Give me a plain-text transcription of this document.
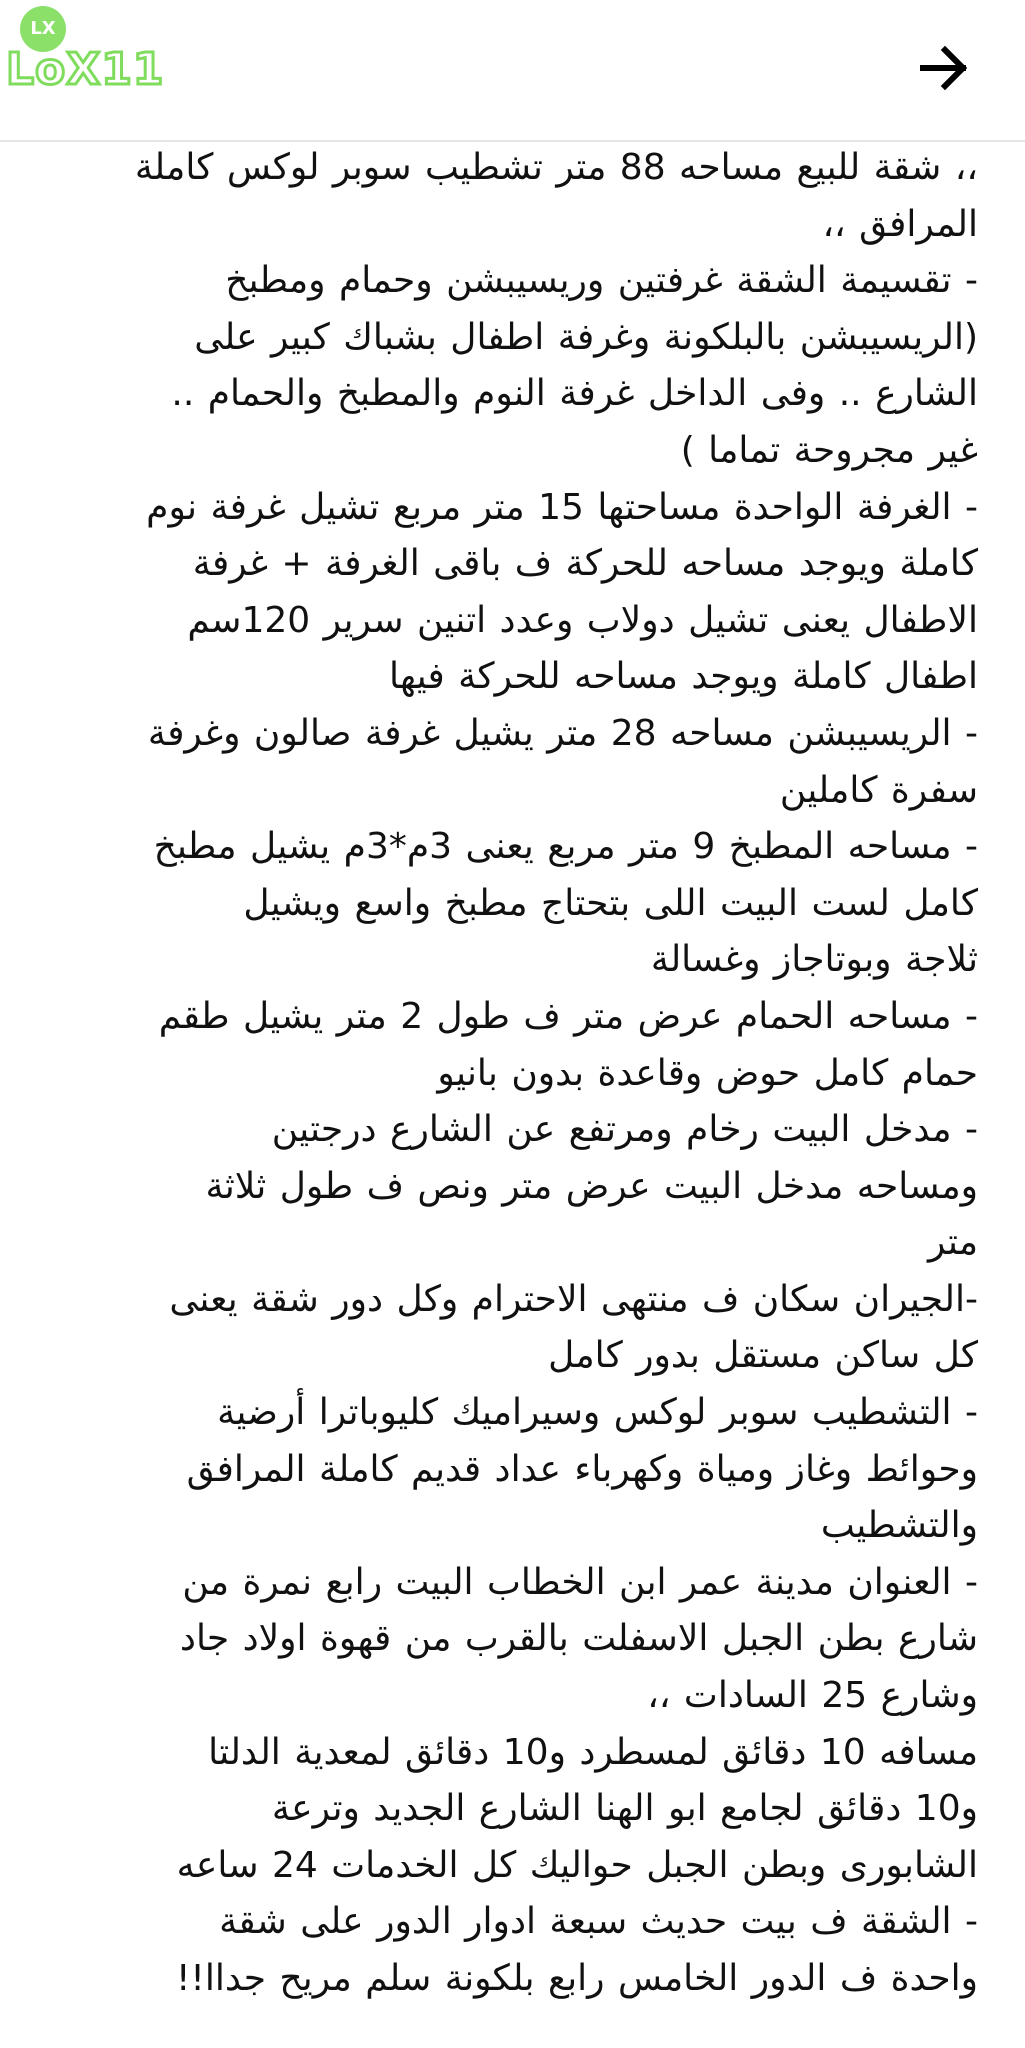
LX
LoX11
،، شقة للبيع مساحه 88 متر تشطيب سوبر لوكس كاملة
المرافق ،،
- تقسيمة الشقة غرفتين وريسيبشن وحمام ومطبخ
(الريسيبشن بالبلكونة وغرفة اطفال بشباك كبير على
الشارع .. وفى الداخل غرفة النوم والمطبخ والحمام ..
غير مجروحة تماما )
- الغرفة الواحدة مساحتها 15 متر مربع تشيل غرفة نوم
كاملة ويوجد مساحه للحركة ف باقى الغرفة + غرفة
الاطفال يعنى تشيل دولاب وعدد اتنين سرير 120سم
اطفال كاملة ويوجد مساحه للحركة فيها
- الريسيبشن مساحه 28 متر يشيل غرفة صالون وغرفة
سفرة كاملين
- مساحه المطبخ 9 متر مربع يعنى 3م*3م يشيل مطبخ
كامل لست البيت اللى بتحتاج مطبخ واسع ويشيل
ثلاجة وبوتاجاز وغسالة
- مساحه الحمام عرض متر ف طول 2 متر يشيل طقم
حمام كامل حوض وقاعدة بدون بانيو
- مدخل البيت رخام ومرتفع عن الشارع درجتين
ومساحه مدخل البيت عرض متر ونص ف طول ثلاثة
متر
-الجيران سكان ف منتهى الاحترام وكل دور شقة يعنى
كل ساكن مستقل بدور كامل
- التشطيب سوبر لوكس وسيراميك كليوباترا أرضية
وحوائط وغاز ومياة وكهرباء عداد قديم كاملة المرافق
والتشطيب
- العنوان مدينة عمر ابن الخطاب البيت رابع نمرة من
شارع بطن الجبل الاسفلت بالقرب من قهوة اولاد جاد
وشارع 25 السادات ،،
مسافه 10 دقائق لمسطرد و10 دقائق لمعدية الدلتا
و10 دقائق لجامع ابو الهنا الشارع الجديد وترعة
الشابورى وبطن الجبل حواليك كل الخدمات 24 ساعه
- الشقة ف بيت حديث سبعة ادوار الدور على شقة
واحدة ف الدور الخامس رابع بلكونة سلم مريح جداا!!
